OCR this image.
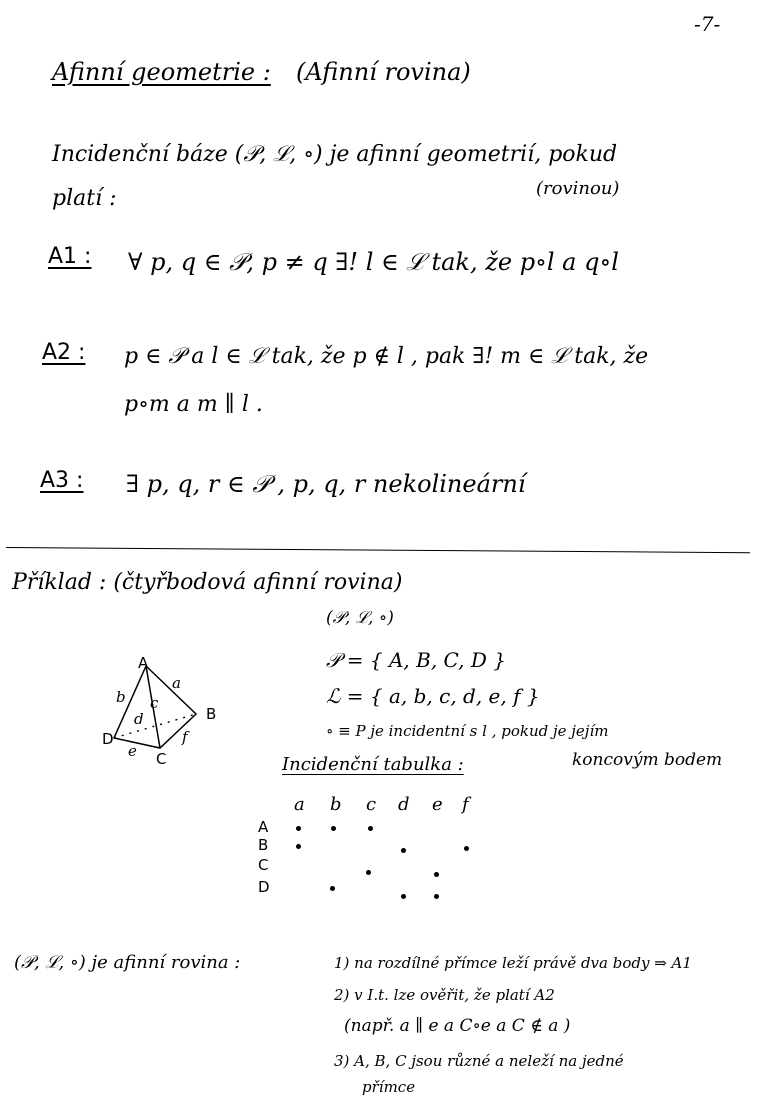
-7-
Afinní geometrie : (Afinní rovina)
Incidenční báze (𝒫, ℒ, ∘) je afinní geometrií, pokud
(rovinou)
platí :
A1 : ∀ p, q ∈ 𝒫, p ≠ q ∃! l ∈ ℒ tak, že p∘l a q∘l
A2 : p ∈ 𝒫 a l ∈ ℒ tak, že p ∉ l , pak ∃! m ∈ ℒ tak, že
p∘m a m ∥ l .
A3 : ∃ p, q, r ∈ 𝒫 , p, q, r nekolineární
Příklad : (čtyřbodová afinní rovina)
(𝒫, ℒ, ∘)
𝒫 = { A, B, C, D }
ℒ = { a, b, c, d, e, f }
∘ ≡ P je incidentní s l , pokud je jejím
koncovým bodem
Incidenční tabulka :
A
B
C
D
a
b c
d
e
f
a b c d e f
A
B
C
D
(𝒫, ℒ, ∘) je afinní rovina :	1) na rozdílné přímce leží právě dva body ⇒ A1
2) v I.t. lze ověřit, že platí A2
(např. a ∥ e a C∘e a C ∉ a )
3) A, B, C jsou různé a neleží na jedné
přímce
